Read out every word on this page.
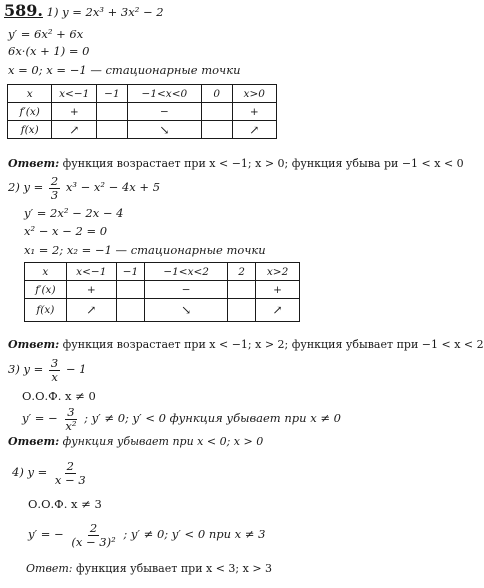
589. 1) y = 2x³ + 3x² − 2
y′ = 6x² + 6x
6x·(x + 1) = 0
x = 0; x = −1 — стационарные точки
x	x<−1	−1	−1<x<0	0	x>0
f′(x)	+		−		+
f(x)	↗		↘		↗
Ответ: функция возрастает при x < −1; x > 0; функция убыва ри −1 < x < 0
2) $y = \frac{2}{3} x^3 - x^2 - 4x + 5$
y′ = 2x² − 2x − 4
x² − x − 2 = 0
x₁ = 2; x₂ = −1 — стационарные точки
x	x<−1	−1	−1<x<2	2	x>2
f′(x)	+		−		+
f(x)	↗		↘		↗
Ответ: функция возрастает при x < −1; x > 2; функция убывает при −1 < x < 2
3) $y = \frac{3}{x} - 1$
О.О.Ф. x ≠ 0
y′ = − $\frac{3}{\text{x²}}$ ; y′ ≠ 0; y′ < 0 функция убывает при x ≠ 0
Ответ: функция убывает при x < 0; x > 0
4) $y = \frac{2}{x - 3}$
О.О.Ф. x ≠ 3
y′ = − $\frac{2}{\text{(x − 3)²}}$ ; y′ ≠ 0; y′ < 0 при x ≠ 3
Ответ: функция убывает при x < 3; x > 3
